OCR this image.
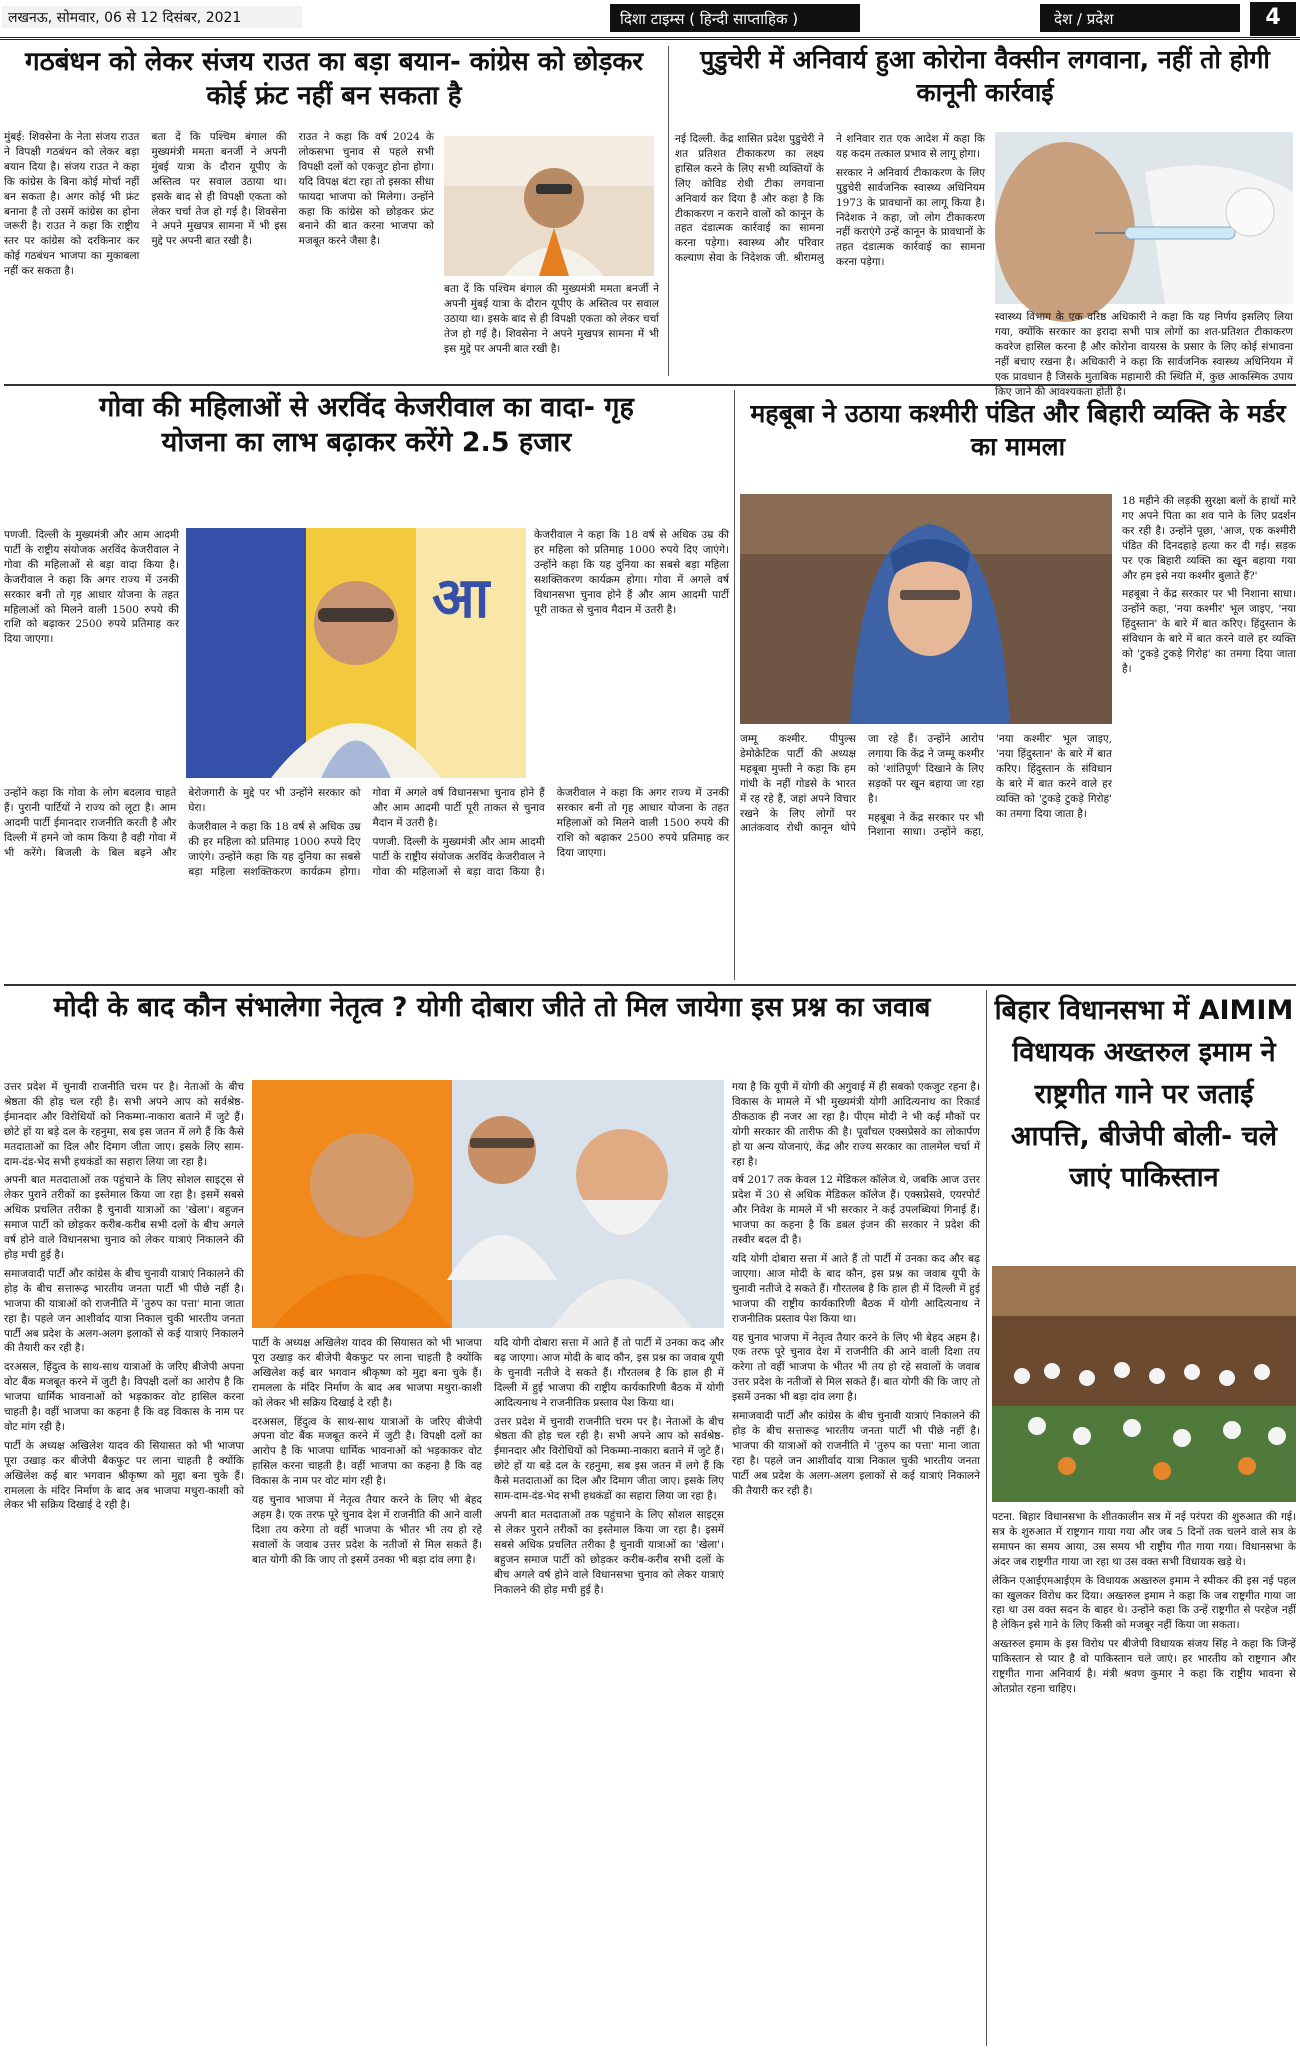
लखनऊ, सोमवार, 06 से 12 दिसंबर, 2021	दिशा टाइम्स ( हिन्दी साप्ताहिक )	देश / प्रदेश	4
गठबंधन को लेकर संजय राउत का बड़ा बयान- कांग्रेस को छोड़कर कोई फ्रंट नहीं बन सकता है

मुंबई: शिवसेना के नेता संजय राउत ने विपक्षी गठबंधन को लेकर बड़ा बयान दिया है। संजय राउत ने कहा कि कांग्रेस के बिना कोई मोर्चा नहीं बन सकता है। अगर कोई भी फ्रंट बनाना है तो उसमें कांग्रेस का होना जरूरी है। राउत ने कहा कि राष्ट्रीय स्तर पर कांग्रेस को दरकिनार कर कोई गठबंधन भाजपा का मुकाबला नहीं कर सकता है।

बता दें कि पश्चिम बंगाल की मुख्यमंत्री ममता बनर्जी ने अपनी मुंबई यात्रा के दौरान यूपीए के अस्तित्व पर सवाल उठाया था। इसके बाद से ही विपक्षी एकता को लेकर चर्चा तेज हो गई है। शिवसेना ने अपने मुखपत्र सामना में भी इस मुद्दे पर अपनी बात रखी है।

राउत ने कहा कि वर्ष 2024 के लोकसभा चुनाव से पहले सभी विपक्षी दलों को एकजुट होना होगा। यदि विपक्ष बंटा रहा तो इसका सीधा फायदा भाजपा को मिलेगा। उन्होंने कहा कि कांग्रेस को छोड़कर फ्रंट बनाने की बात करना भाजपा को मजबूत करने जैसा है।

बता दें कि पश्चिम बंगाल की मुख्यमंत्री ममता बनर्जी ने अपनी मुंबई यात्रा के दौरान यूपीए के अस्तित्व पर सवाल उठाया था। इसके बाद से ही विपक्षी एकता को लेकर चर्चा तेज हो गई है। शिवसेना ने अपने मुखपत्र सामना में भी इस मुद्दे पर अपनी बात रखी है।

पुडुचेरी में अनिवार्य हुआ कोरोना वैक्सीन लगवाना, नहीं तो होगी कानूनी कार्रवाई

नई दिल्ली. केंद्र शासित प्रदेश पुडुचेरी ने शत प्रतिशत टीकाकरण का लक्ष्य हासिल करने के लिए सभी व्यक्तियों के लिए कोविड रोधी टीका लगवाना अनिवार्य कर दिया है और कहा है कि टीकाकरण न कराने वालों को कानून के तहत दंडात्मक कार्रवाई का सामना करना पड़ेगा। स्वास्थ्य और परिवार कल्याण सेवा के निदेशक जी. श्रीरामलु ने शनिवार रात एक आदेश में कहा कि यह कदम तत्काल प्रभाव से लागू होगा।

सरकार ने अनिवार्य टीकाकरण के लिए पुडुचेरी सार्वजनिक स्वास्थ्य अधिनियम 1973 के प्रावधानों का लागू किया है। निदेशक ने कहा, जो लोग टीकाकरण नहीं कराएंगे उन्हें कानून के प्रावधानों के तहत दंडात्मक कार्रवाई का सामना करना पड़ेगा।

स्वास्थ्य विभाग के एक वरिष्ठ अधिकारी ने कहा कि यह निर्णय इसलिए लिया गया, क्योंकि सरकार का इरादा सभी पात्र लोगों का शत-प्रतिशत टीकाकरण कवरेज हासिल करना है और कोरोना वायरस के प्रसार के लिए कोई संभावना नहीं बचाए रखना है। अधिकारी ने कहा कि सार्वजनिक स्वास्थ्य अधिनियम में एक प्रावधान है जिसके मुताबिक महामारी की स्थिति में, कुछ आकस्मिक उपाय किए जाने की आवश्यकता होती है।

गोवा की महिलाओं से अरविंद केजरीवाल का वादा- गृह योजना का लाभ बढ़ाकर करेंगे 2.5 हजार

पणजी. दिल्ली के मुख्यमंत्री और आम आदमी पार्टी के राष्ट्रीय संयोजक अरविंद केजरीवाल ने गोवा की महिलाओं से बड़ा वादा किया है। केजरीवाल ने कहा कि अगर राज्य में उनकी सरकार बनी तो गृह आधार योजना के तहत महिलाओं को मिलने वाली 1500 रुपये की राशि को बढ़ाकर 2500 रुपये प्रतिमाह कर दिया जाएगा।

आ

केजरीवाल ने कहा कि 18 वर्ष से अधिक उम्र की हर महिला को प्रतिमाह 1000 रुपये दिए जाएंगे। उन्होंने कहा कि यह दुनिया का सबसे बड़ा महिला सशक्तिकरण कार्यक्रम होगा। गोवा में अगले वर्ष विधानसभा चुनाव होने हैं और आम आदमी पार्टी पूरी ताकत से चुनाव मैदान में उतरी है।

उन्होंने कहा कि गोवा के लोग बदलाव चाहते हैं। पुरानी पार्टियों ने राज्य को लूटा है। आम आदमी पार्टी ईमानदार राजनीति करती है और दिल्ली में हमने जो काम किया है वही गोवा में भी करेंगे। बिजली के बिल बढ़ने और बेरोजगारी के मुद्दे पर भी उन्होंने सरकार को घेरा।

केजरीवाल ने कहा कि 18 वर्ष से अधिक उम्र की हर महिला को प्रतिमाह 1000 रुपये दिए जाएंगे। उन्होंने कहा कि यह दुनिया का सबसे बड़ा महिला सशक्तिकरण कार्यक्रम होगा। गोवा में अगले वर्ष विधानसभा चुनाव होने हैं और आम आदमी पार्टी पूरी ताकत से चुनाव मैदान में उतरी है।

पणजी. दिल्ली के मुख्यमंत्री और आम आदमी पार्टी के राष्ट्रीय संयोजक अरविंद केजरीवाल ने गोवा की महिलाओं से बड़ा वादा किया है। केजरीवाल ने कहा कि अगर राज्य में उनकी सरकार बनी तो गृह आधार योजना के तहत महिलाओं को मिलने वाली 1500 रुपये की राशि को बढ़ाकर 2500 रुपये प्रतिमाह कर दिया जाएगा।

महबूबा ने उठाया कश्मीरी पंडित और बिहारी व्यक्ति के मर्डर का मामला

18 महीने की लड़की सुरक्षा बलों के हाथों मारे गए अपने पिता का शव पाने के लिए प्रदर्शन कर रही है। उन्होंने पूछा, 'आज, एक कश्मीरी पंडित की दिनदहाड़े हत्या कर दी गई। सड़क पर एक बिहारी व्यक्ति का खून बहाया गया और हम इसे नया कश्मीर बुलाते हैं?'

महबूबा ने केंद्र सरकार पर भी निशाना साधा। उन्होंने कहा, 'नया कश्मीर' भूल जाइए, 'नया हिंदुस्तान' के बारे में बात करिए। हिंदुस्तान के संविधान के बारे में बात करने वाले हर व्यक्ति को 'टुकड़े टुकड़े गिरोह' का तमगा दिया जाता है।

जम्मू कश्मीर. पीपुल्स डेमोक्रेटिक पार्टी की अध्यक्ष महबूबा मुफ्ती ने कहा कि हम गांधी के नहीं गोडसे के भारत में रह रहे हैं, जहां अपने विचार रखने के लिए लोगों पर आतंकवाद रोधी कानून थोपे जा रहे हैं। उन्होंने आरोप लगाया कि केंद्र ने जम्मू कश्मीर को 'शांतिपूर्ण' दिखाने के लिए सड़कों पर खून बहाया जा रहा है।

महबूबा ने केंद्र सरकार पर भी निशाना साधा। उन्होंने कहा, 'नया कश्मीर' भूल जाइए, 'नया हिंदुस्तान' के बारे में बात करिए। हिंदुस्तान के संविधान के बारे में बात करने वाले हर व्यक्ति को 'टुकड़े टुकड़े गिरोह' का तमगा दिया जाता है।

मोदी के बाद कौन संभालेगा नेतृत्व ? योगी दोबारा जीते तो मिल जायेगा इस प्रश्न का जवाब

उत्तर प्रदेश में चुनावी राजनीति चरम पर है। नेताओं के बीच श्रेष्ठता की होड़ चल रही है। सभी अपने आप को सर्वश्रेष्ठ-ईमानदार और विरोधियों को निकम्मा-नाकारा बताने में जुटे हैं। छोटे हों या बड़े दल के रहनुमा, सब इस जतन में लगे हैं कि कैसे मतदाताओं का दिल और दिमाग जीता जाए। इसके लिए साम-दाम-दंड-भेद सभी हथकंडों का सहारा लिया जा रहा है।

अपनी बात मतदाताओं तक पहुंचाने के लिए सोशल साइट्स से लेकर पुराने तरीकों का इस्तेमाल किया जा रहा है। इसमें सबसे अधिक प्रचलित तरीका है चुनावी यात्राओं का 'खेला'। बहुजन समाज पार्टी को छोड़कर करीब-करीब सभी दलों के बीच अगले वर्ष होने वाले विधानसभा चुनाव को लेकर यात्राएं निकालने की होड़ मची हुई है।

समाजवादी पार्टी और कांग्रेस के बीच चुनावी यात्राएं निकालने की होड़ के बीच सत्तारूढ़ भारतीय जनता पार्टी भी पीछे नहीं है। भाजपा की यात्राओं को राजनीति में 'तुरुप का पत्ता' माना जाता रहा है। पहले जन आशीर्वाद यात्रा निकाल चुकी भारतीय जनता पार्टी अब प्रदेश के अलग-अलग इलाकों से कई यात्राएं निकालने की तैयारी कर रही है।

दरअसल, हिंदुत्व के साथ-साथ यात्राओं के जरिए बीजेपी अपना वोट बैंक मजबूत करने में जुटी है। विपक्षी दलों का आरोप है कि भाजपा धार्मिक भावनाओं को भड़काकर वोट हासिल करना चाहती है। वहीं भाजपा का कहना है कि वह विकास के नाम पर वोट मांग रही है।

पार्टी के अध्यक्ष अखिलेश यादव की सियासत को भी भाजपा पूरा उखाड़ कर बीजेपी बैकफुट पर लाना चाहती है क्योंकि अखिलेश कई बार भगवान श्रीकृष्ण को मुद्दा बना चुके हैं। रामलला के मंदिर निर्माण के बाद अब भाजपा मथुरा-काशी को लेकर भी सक्रिय दिखाई दे रही है।

पार्टी के अध्यक्ष अखिलेश यादव की सियासत को भी भाजपा पूरा उखाड़ कर बीजेपी बैकफुट पर लाना चाहती है क्योंकि अखिलेश कई बार भगवान श्रीकृष्ण को मुद्दा बना चुके हैं। रामलला के मंदिर निर्माण के बाद अब भाजपा मथुरा-काशी को लेकर भी सक्रिय दिखाई दे रही है।

दरअसल, हिंदुत्व के साथ-साथ यात्राओं के जरिए बीजेपी अपना वोट बैंक मजबूत करने में जुटी है। विपक्षी दलों का आरोप है कि भाजपा धार्मिक भावनाओं को भड़काकर वोट हासिल करना चाहती है। वहीं भाजपा का कहना है कि वह विकास के नाम पर वोट मांग रही है।

यह चुनाव भाजपा में नेतृत्व तैयार करने के लिए भी बेहद अहम है। एक तरफ पूरे चुनाव देश में राजनीति की आने वाली दिशा तय करेगा तो वहीं भाजपा के भीतर भी तय हो रहे सवालों के जवाब उत्तर प्रदेश के नतीजों से मिल सकते हैं। बात योगी की कि जाए तो इसमें उनका भी बड़ा दांव लगा है।

यदि योगी दोबारा सत्ता में आते हैं तो पार्टी में उनका कद और बढ़ जाएगा। आज मोदी के बाद कौन, इस प्रश्न का जवाब यूपी के चुनावी नतीजे दे सकते हैं। गौरतलब है कि हाल ही में दिल्ली में हुई भाजपा की राष्ट्रीय कार्यकारिणी बैठक में योगी आदित्यनाथ ने राजनीतिक प्रस्ताव पेश किया था।

उत्तर प्रदेश में चुनावी राजनीति चरम पर है। नेताओं के बीच श्रेष्ठता की होड़ चल रही है। सभी अपने आप को सर्वश्रेष्ठ-ईमानदार और विरोधियों को निकम्मा-नाकारा बताने में जुटे हैं। छोटे हों या बड़े दल के रहनुमा, सब इस जतन में लगे हैं कि कैसे मतदाताओं का दिल और दिमाग जीता जाए। इसके लिए साम-दाम-दंड-भेद सभी हथकंडों का सहारा लिया जा रहा है।

अपनी बात मतदाताओं तक पहुंचाने के लिए सोशल साइट्स से लेकर पुराने तरीकों का इस्तेमाल किया जा रहा है। इसमें सबसे अधिक प्रचलित तरीका है चुनावी यात्राओं का 'खेला'। बहुजन समाज पार्टी को छोड़कर करीब-करीब सभी दलों के बीच अगले वर्ष होने वाले विधानसभा चुनाव को लेकर यात्राएं निकालने की होड़ मची हुई है।

गया है कि यूपी में योगी की अगुवाई में ही सबको एकजुट रहना है। विकास के मामले में भी मुख्यमंत्री योगी आदित्यनाथ का रिकार्ड ठीकठाक ही नजर आ रहा है। पीएम मोदी ने भी कई मौकों पर योगी सरकार की तारीफ की है। पूर्वांचल एक्सप्रेसवे का लोकार्पण हो या अन्य योजनाएं, केंद्र और राज्य सरकार का तालमेल चर्चा में रहा है।

वर्ष 2017 तक केवल 12 मेडिकल कॉलेज थे, जबकि आज उत्तर प्रदेश में 30 से अधिक मेडिकल कॉलेज हैं। एक्सप्रेसवे, एयरपोर्ट और निवेश के मामले में भी सरकार ने कई उपलब्धियां गिनाई हैं। भाजपा का कहना है कि डबल इंजन की सरकार ने प्रदेश की तस्वीर बदल दी है।

यदि योगी दोबारा सत्ता में आते हैं तो पार्टी में उनका कद और बढ़ जाएगा। आज मोदी के बाद कौन, इस प्रश्न का जवाब यूपी के चुनावी नतीजे दे सकते हैं। गौरतलब है कि हाल ही में दिल्ली में हुई भाजपा की राष्ट्रीय कार्यकारिणी बैठक में योगी आदित्यनाथ ने राजनीतिक प्रस्ताव पेश किया था।

यह चुनाव भाजपा में नेतृत्व तैयार करने के लिए भी बेहद अहम है। एक तरफ पूरे चुनाव देश में राजनीति की आने वाली दिशा तय करेगा तो वहीं भाजपा के भीतर भी तय हो रहे सवालों के जवाब उत्तर प्रदेश के नतीजों से मिल सकते हैं। बात योगी की कि जाए तो इसमें उनका भी बड़ा दांव लगा है।

समाजवादी पार्टी और कांग्रेस के बीच चुनावी यात्राएं निकालने की होड़ के बीच सत्तारूढ़ भारतीय जनता पार्टी भी पीछे नहीं है। भाजपा की यात्राओं को राजनीति में 'तुरुप का पत्ता' माना जाता रहा है। पहले जन आशीर्वाद यात्रा निकाल चुकी भारतीय जनता पार्टी अब प्रदेश के अलग-अलग इलाकों से कई यात्राएं निकालने की तैयारी कर रही है।

बिहार विधानसभा में AIMIM विधायक अख्तरुल इमाम ने राष्ट्रगीत गाने पर जताई आपत्ति, बीजेपी बोली- चले जाएं पाकिस्तान

पटना. बिहार विधानसभा के शीतकालीन सत्र में नई परंपरा की शुरुआत की गई। सत्र के शुरुआत में राष्ट्रगान गाया गया और जब 5 दिनों तक चलने वाले सत्र के समापन का समय आया, उस समय भी राष्ट्रीय गीत गाया गया। विधानसभा के अंदर जब राष्ट्रगीत गाया जा रहा था उस वक्त सभी विधायक खड़े थे।

लेकिन एआईएमआईएम के विधायक अख्तरुल इमाम ने स्पीकर की इस नई पहल का खुलकर विरोध कर दिया। अख्तरुल इमाम ने कहा कि जब राष्ट्रगीत गाया जा रहा था उस वक्त सदन के बाहर थे। उन्होंने कहा कि उन्हें राष्ट्रगीत से परहेज नहीं है लेकिन इसे गाने के लिए किसी को मजबूर नहीं किया जा सकता।

अख्तरुल इमाम के इस विरोध पर बीजेपी विधायक संजय सिंह ने कहा कि जिन्हें पाकिस्तान से प्यार है वो पाकिस्तान चले जाएं। हर भारतीय को राष्ट्रगान और राष्ट्रगीत गाना अनिवार्य है। मंत्री श्रवण कुमार ने कहा कि राष्ट्रीय भावना से ओतप्रोत रहना चाहिए।
